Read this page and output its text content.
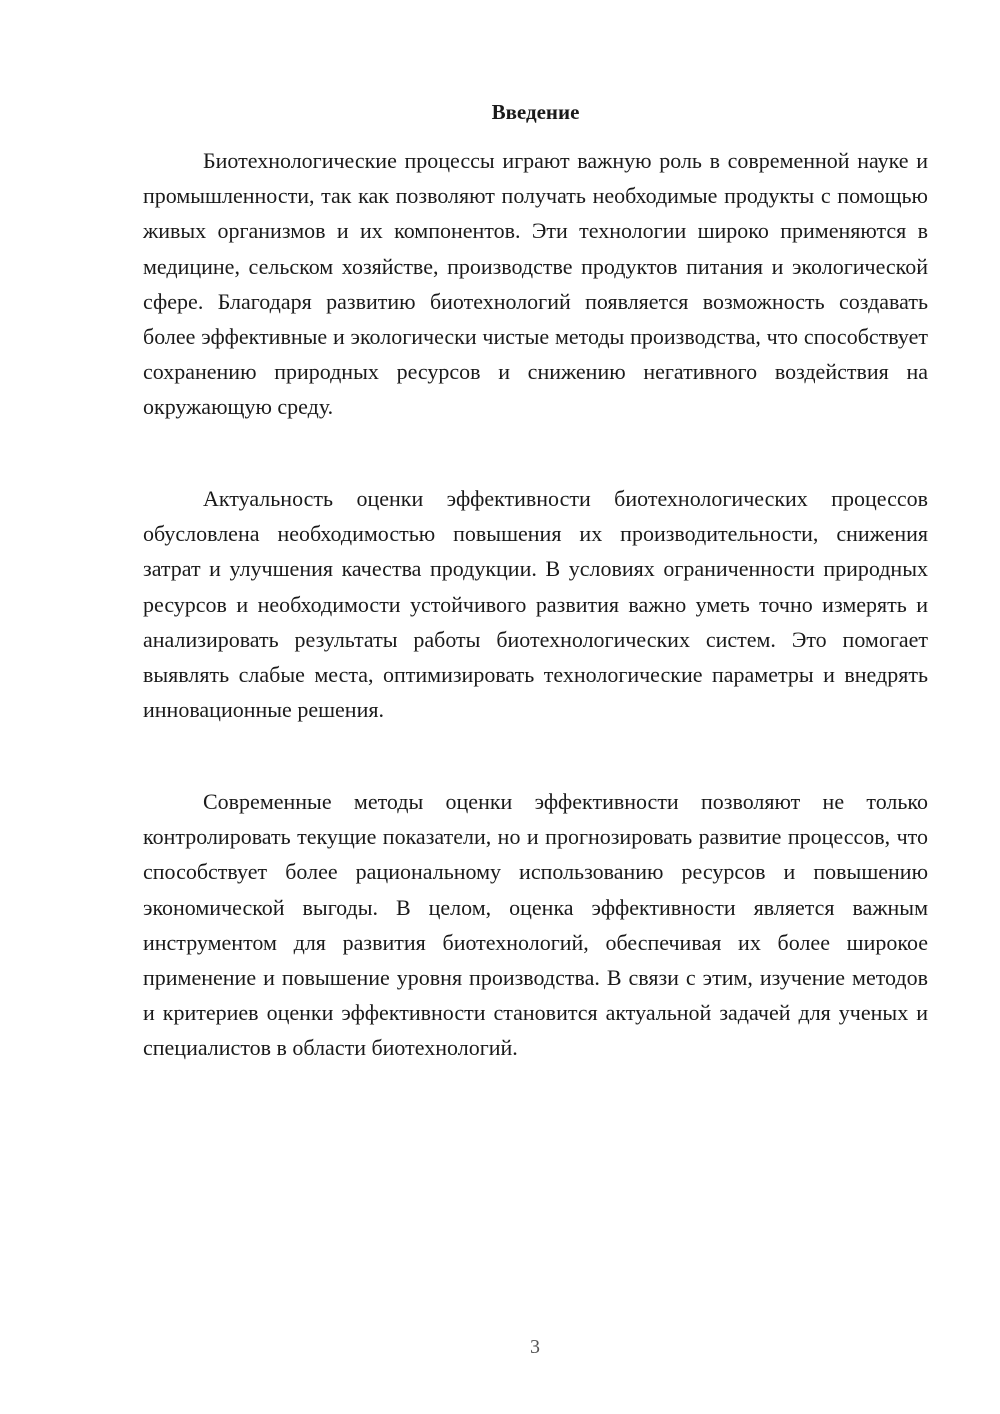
Введение

Биотехнологические процессы играют важную роль в современной науке и промышленности, так как позволяют получать необходимые продукты с помощью живых организмов и их компонентов. Эти технологии широко применяются в медицине, сельском хозяйстве, производстве продуктов питания и экологической сфере. Благодаря развитию биотехнологий появляется возможность создавать более эффективные и экологически чистые методы производства, что способствует сохранению природных ресурсов и снижению негативного воздействия на окружающую среду.

Актуальность оценки эффективности биотехнологических процессов обусловлена необходимостью повышения их производительности, снижения затрат и улучшения качества продукции. В условиях ограниченности природных ресурсов и необходимости устойчивого развития важно уметь точно измерять и анализировать результаты работы биотехнологических систем. Это помогает выявлять слабые места, оптимизировать технологические параметры и внедрять инновационные решения.

Современные методы оценки эффективности позволяют не только контролировать текущие показатели, но и прогнозировать развитие процессов, что способствует более рациональному использованию ресурсов и повышению экономической выгоды. В целом, оценка эффективности является важным инструментом для развития биотехнологий, обеспечивая их более широкое применение и повышение уровня производства. В связи с этим, изучение методов и критериев оценки эффективности становится актуальной задачей для ученых и специалистов в области биотехнологий.

3
